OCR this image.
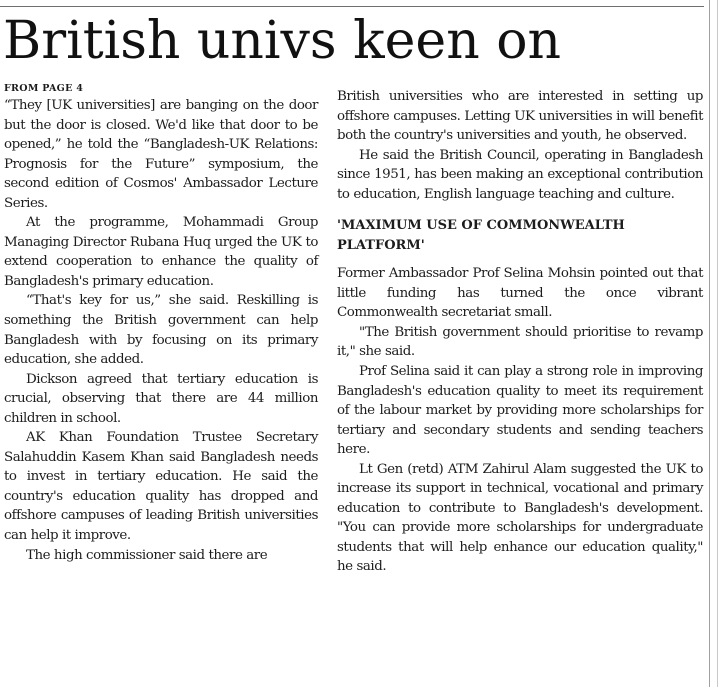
British univs keen on
FROM PAGE 4

“They [UK universities] are banging on the door but the door is closed. We'd like that door to be opened,” he told the “Bangladesh-UK Relations: Prognosis for the Future” symposium, the second edition of Cosmos' Ambassador Lecture Series.

At the programme, Mohammadi Group Managing Director Rubana Huq urged the UK to extend cooperation to enhance the quality of Bangladesh's primary education.

“That's key for us,” she said. Reskilling is something the British government can help Bangladesh with by focusing on its primary education, she added.

Dickson agreed that tertiary education is crucial, observing that there are 44 million children in school.

AK Khan Foundation Trustee Secretary Salahuddin Kasem Khan said Bangladesh needs to invest in tertiary education. He said the country's education quality has dropped and offshore campuses of leading British universities can help it improve.

The high commissioner said there are

British universities who are interested in setting up offshore campuses. Letting UK universities in will benefit both the country's universities and youth, he observed.

He said the British Council, operating in Bangladesh since 1951, has been making an exceptional contribution to education, English language teaching and culture.

'MAXIMUM USE OF COMMONWEALTH PLATFORM'

Former Ambassador Prof Selina Mohsin pointed out that little funding has turned the once vibrant Commonwealth secretariat small.

"The British government should prioritise to revamp it," she said.

Prof Selina said it can play a strong role in improving Bangladesh's education quality to meet its requirement of the labour market by providing more scholarships for tertiary and secondary students and sending teachers here.

Lt Gen (retd) ATM Zahirul Alam suggested the UK to increase its support in technical, vocational and primary education to contribute to Bangladesh's development. "You can provide more scholarships for undergraduate students that will help enhance our education quality," he said.
